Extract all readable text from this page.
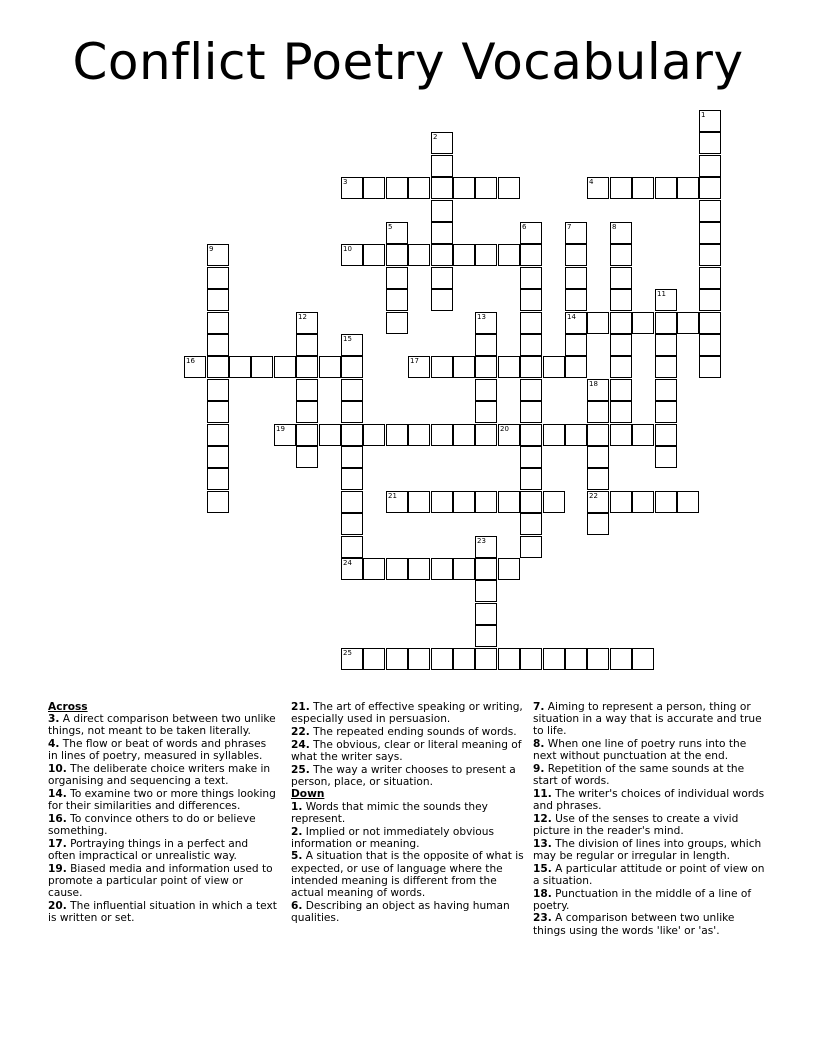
Conflict Poetry Vocabulary
1
2
3	4
5	6	7
14
8
9	10
11
12	13
15
16	17
18
22
19	20
21
23
24
25
Across
3. A direct comparison between two unlike things, not meant to be taken literally.
4. The flow or beat of words and phrases in lines of poetry, measured in syllables.
10. The deliberate choice writers make in organising and sequencing a text.
14. To examine two or more things looking for their similarities and differences.
16. To convince others to do or believe something.
17. Portraying things in a perfect and often impractical or unrealistic way.
19. Biased media and information used to promote a particular point of view or cause.
20. The influential situation in which a text is written or set.
21. The art of effective speaking or writing, especially used in persuasion.
22. The repeated ending sounds of words.
24. The obvious, clear or literal meaning of what the writer says.
25. The way a writer chooses to present a person, place, or situation.
Down
1. Words that mimic the sounds they represent.
2. Implied or not immediately obvious information or meaning.
5. A situation that is the opposite of what is expected, or use of language where the intended meaning is different from the actual meaning of words.
6. Describing an object as having human qualities.
7. Aiming to represent a person, thing or situation in a way that is accurate and true to life.
8. When one line of poetry runs into the next without punctuation at the end.
9. Repetition of the same sounds at the start of words.
11. The writer's choices of individual words and phrases.
12. Use of the senses to create a vivid picture in the reader's mind.
13. The division of lines into groups, which may be regular or irregular in length.
15. A particular attitude or point of view on a situation.
18. Punctuation in the middle of a line of poetry.
23. A comparison between two unlike things using the words 'like' or 'as'.
